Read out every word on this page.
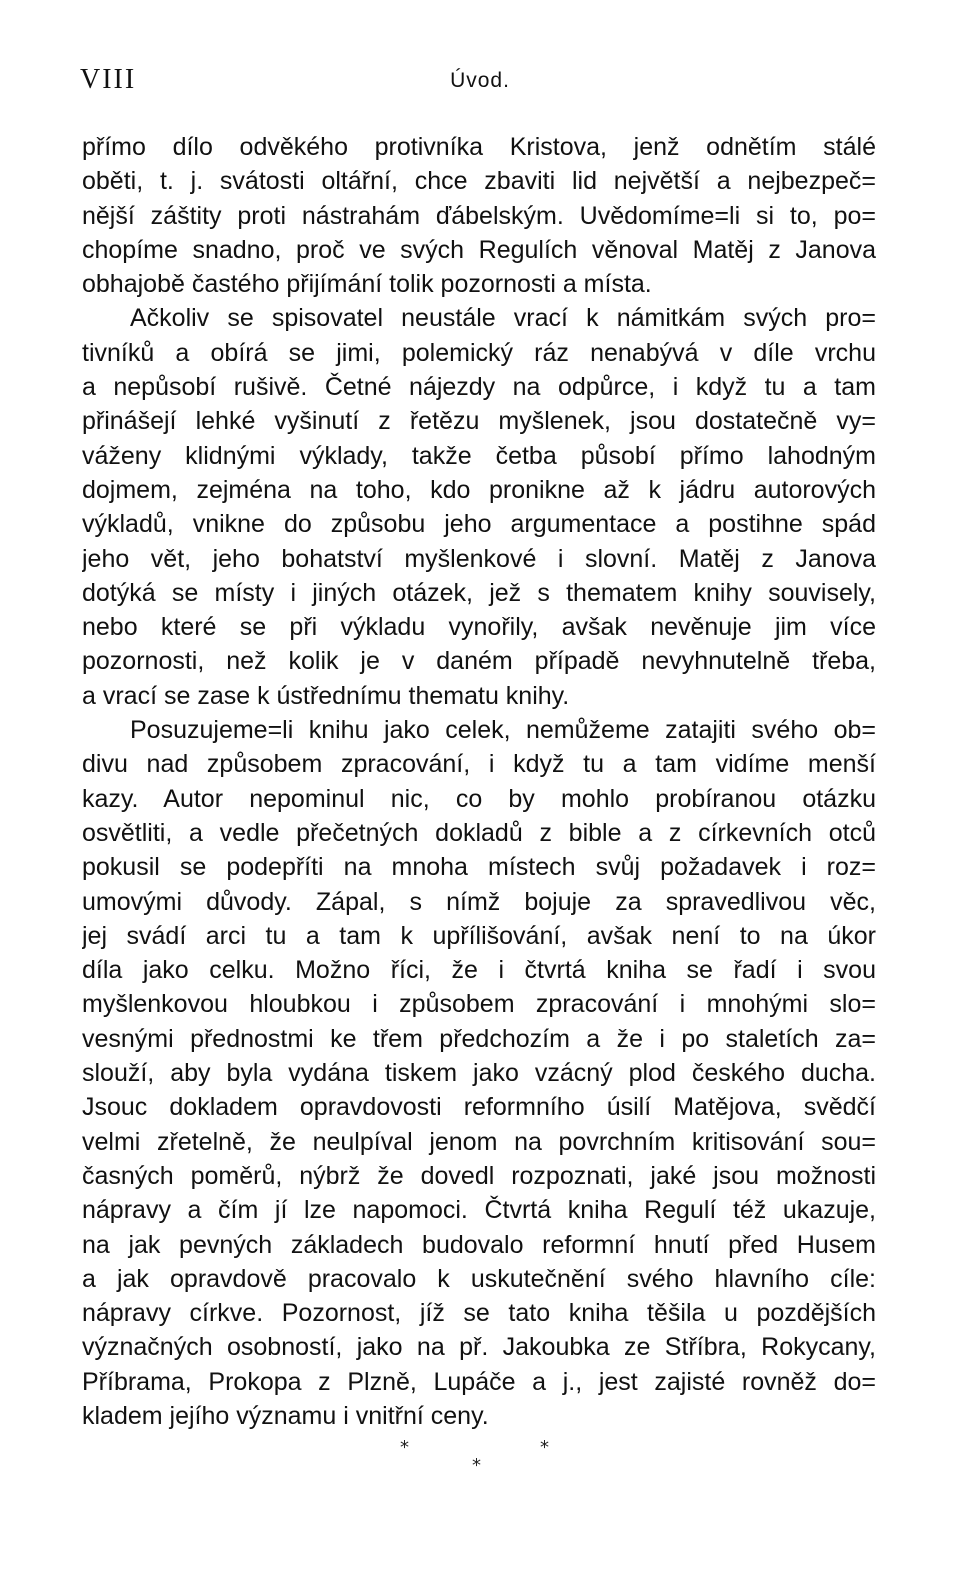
VIII	Úvod.
přímo dílo odvěkého protivníka Kristova, jenž odnětím stálé
oběti, t. j. svátosti oltářní, chce zbaviti lid největší a nejbezpeč=
nější záštity proti nástrahám ďábelským. Uvědomíme=li si to, po=
chopíme snadno, proč ve svých Regulích věnoval Matěj z Janova
obhajobě častého přijímání tolik pozornosti a místa.
Ačkoliv se spisovatel neustále vrací k námitkám svých pro=
tivníků a obírá se jimi, polemický ráz nenabývá v díle vrchu
a nepůsobí rušivě. Četné nájezdy na odpůrce, i když tu a tam
přinášejí lehké vyšinutí z řetězu myšlenek, jsou dostatečně vy=
váženy klidnými výklady, takže četba působí přímo lahodným
dojmem, zejména na toho, kdo pronikne až k jádru autorových
výkladů, vnikne do způsobu jeho argumentace a postihne spád
jeho vět, jeho bohatství myšlenkové i slovní. Matěj z Janova
dotýká se místy i jiných otázek, jež s thematem knihy souvisely,
nebo které se při výkladu vynořily, avšak nevěnuje jim více
pozornosti, než kolik je v daném případě nevyhnutelně třeba,
a vrací se zase k ústřednímu thematu knihy.
Posuzujeme=li knihu jako celek, nemůžeme zatajiti svého ob=
divu nad způsobem zpracování, i když tu a tam vidíme menší
kazy. Autor nepominul nic, co by mohlo probíranou otázku
osvětliti, a vedle přečetných dokladů z bible a z církevních otců
pokusil se podepříti na mnoha místech svůj požadavek i roz=
umovými důvody. Zápal, s nímž bojuje za spravedlivou věc,
jej svádí arci tu a tam k upřílišování, avšak není to na úkor
díla jako celku. Možno říci, že i čtvrtá kniha se řadí i svou
myšlenkovou hloubkou i způsobem zpracování i mnohými slo=
vesnými přednostmi ke třem předchozím a že i po staletích za=
slouží, aby byla vydána tiskem jako vzácný plod českého ducha.
Jsouc dokladem opravdovosti reformního úsilí Matějova, svědčí
velmi zřetelně, že neulpíval jenom na povrchním kritisování sou=
časných poměrů, nýbrž že dovedl rozpoznati, jaké jsou možnosti
nápravy a čím jí lze napomoci. Čtvrtá kniha Regulí též ukazuje,
na jak pevných základech budovalo reformní hnutí před Husem
a jak opravdově pracovalo k uskutečnění svého hlavního cíle:
nápravy církve. Pozornost, jíž se tato kniha těšila u pozdějších
význačných osobností, jako na př. Jakoubka ze Stříbra, Rokycany,
Příbrama, Prokopa z Plzně, Lupáče a j., jest zajisté rovněž do=
kladem jejího významu i vnitřní ceny.
*	*
*
